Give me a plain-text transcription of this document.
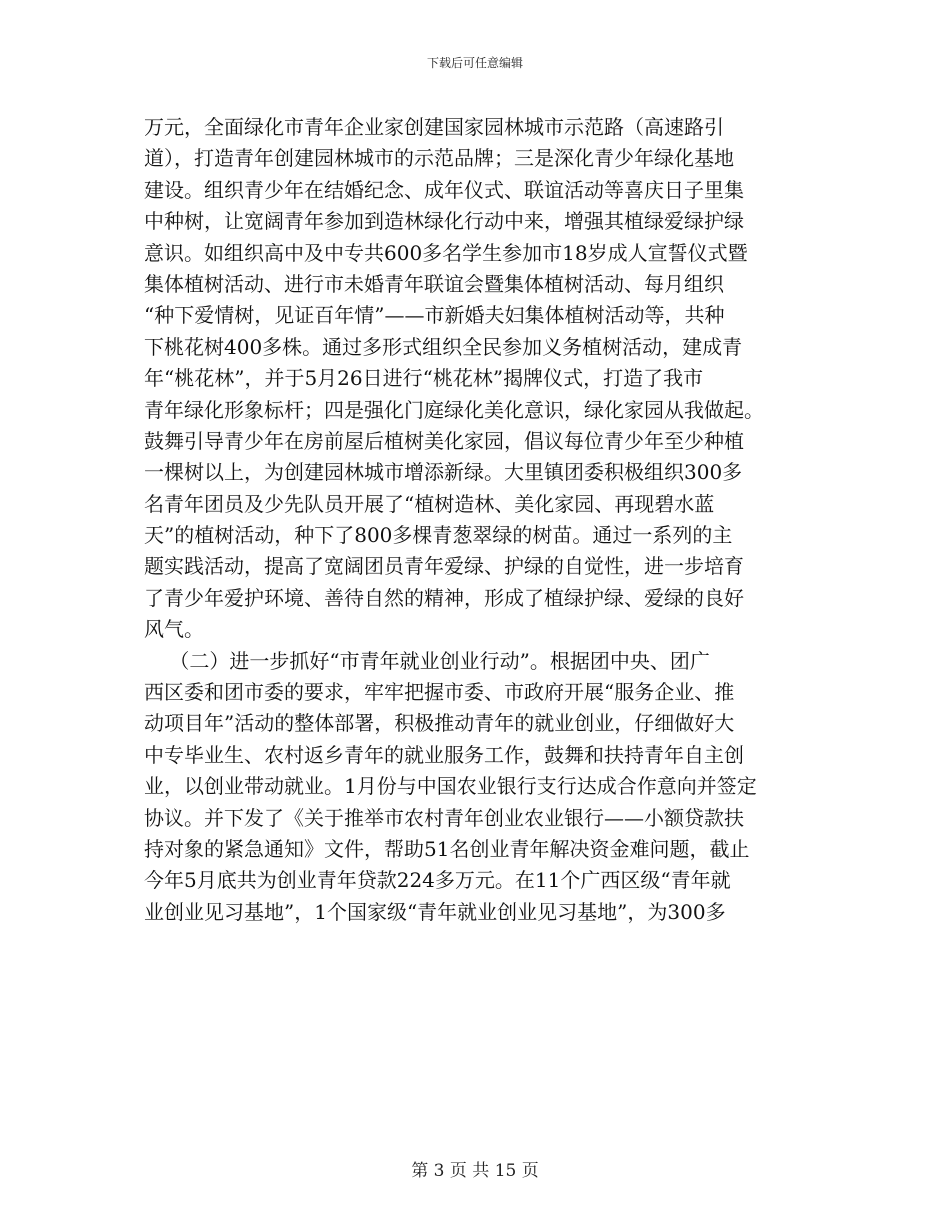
下载后可任意编辑
万元，全面绿化市青年企业家创建国家园林城市示范路（高速路引
道），打造青年创建园林城市的示范品牌；三是深化青少年绿化基地
建设。组织青少年在结婚纪念、成年仪式、联谊活动等喜庆日子里集
中种树，让宽阔青年参加到造林绿化行动中来，增强其植绿爱绿护绿
意识。如组织高中及中专共600多名学生参加市18岁成人宣誓仪式暨
集体植树活动、进行市未婚青年联谊会暨集体植树活动、每月组织
“种下爱情树，见证百年情”——市新婚夫妇集体植树活动等，共种
下桃花树400多株。通过多形式组织全民参加义务植树活动，建成青
年“桃花林”，并于5月26日进行“桃花林”揭牌仪式，打造了我市
青年绿化形象标杆；四是强化门庭绿化美化意识，绿化家园从我做起。
鼓舞引导青少年在房前屋后植树美化家园，倡议每位青少年至少种植
一棵树以上，为创建园林城市增添新绿。大里镇团委积极组织300多
名青年团员及少先队员开展了“植树造林、美化家园、再现碧水蓝
天”的植树活动，种下了800多棵青葱翠绿的树苗。通过一系列的主
题实践活动，提高了宽阔团员青年爱绿、护绿的自觉性，进一步培育
了青少年爱护环境、善待自然的精神，形成了植绿护绿、爱绿的良好
风气。
（二）进一步抓好“市青年就业创业行动”。根据团中央、团广
西区委和团市委的要求，牢牢把握市委、市政府开展“服务企业、推
动项目年”活动的整体部署，积极推动青年的就业创业，仔细做好大
中专毕业生、农村返乡青年的就业服务工作，鼓舞和扶持青年自主创
业，以创业带动就业。1月份与中国农业银行支行达成合作意向并签定
协议。并下发了《关于推举市农村青年创业农业银行——小额贷款扶
持对象的紧急通知》文件，帮助51名创业青年解决资金难问题，截止
今年5月底共为创业青年贷款224多万元。在11个广西区级“青年就
业创业见习基地”，1个国家级“青年就业创业见习基地”，为300多
第 3 页 共 15 页
